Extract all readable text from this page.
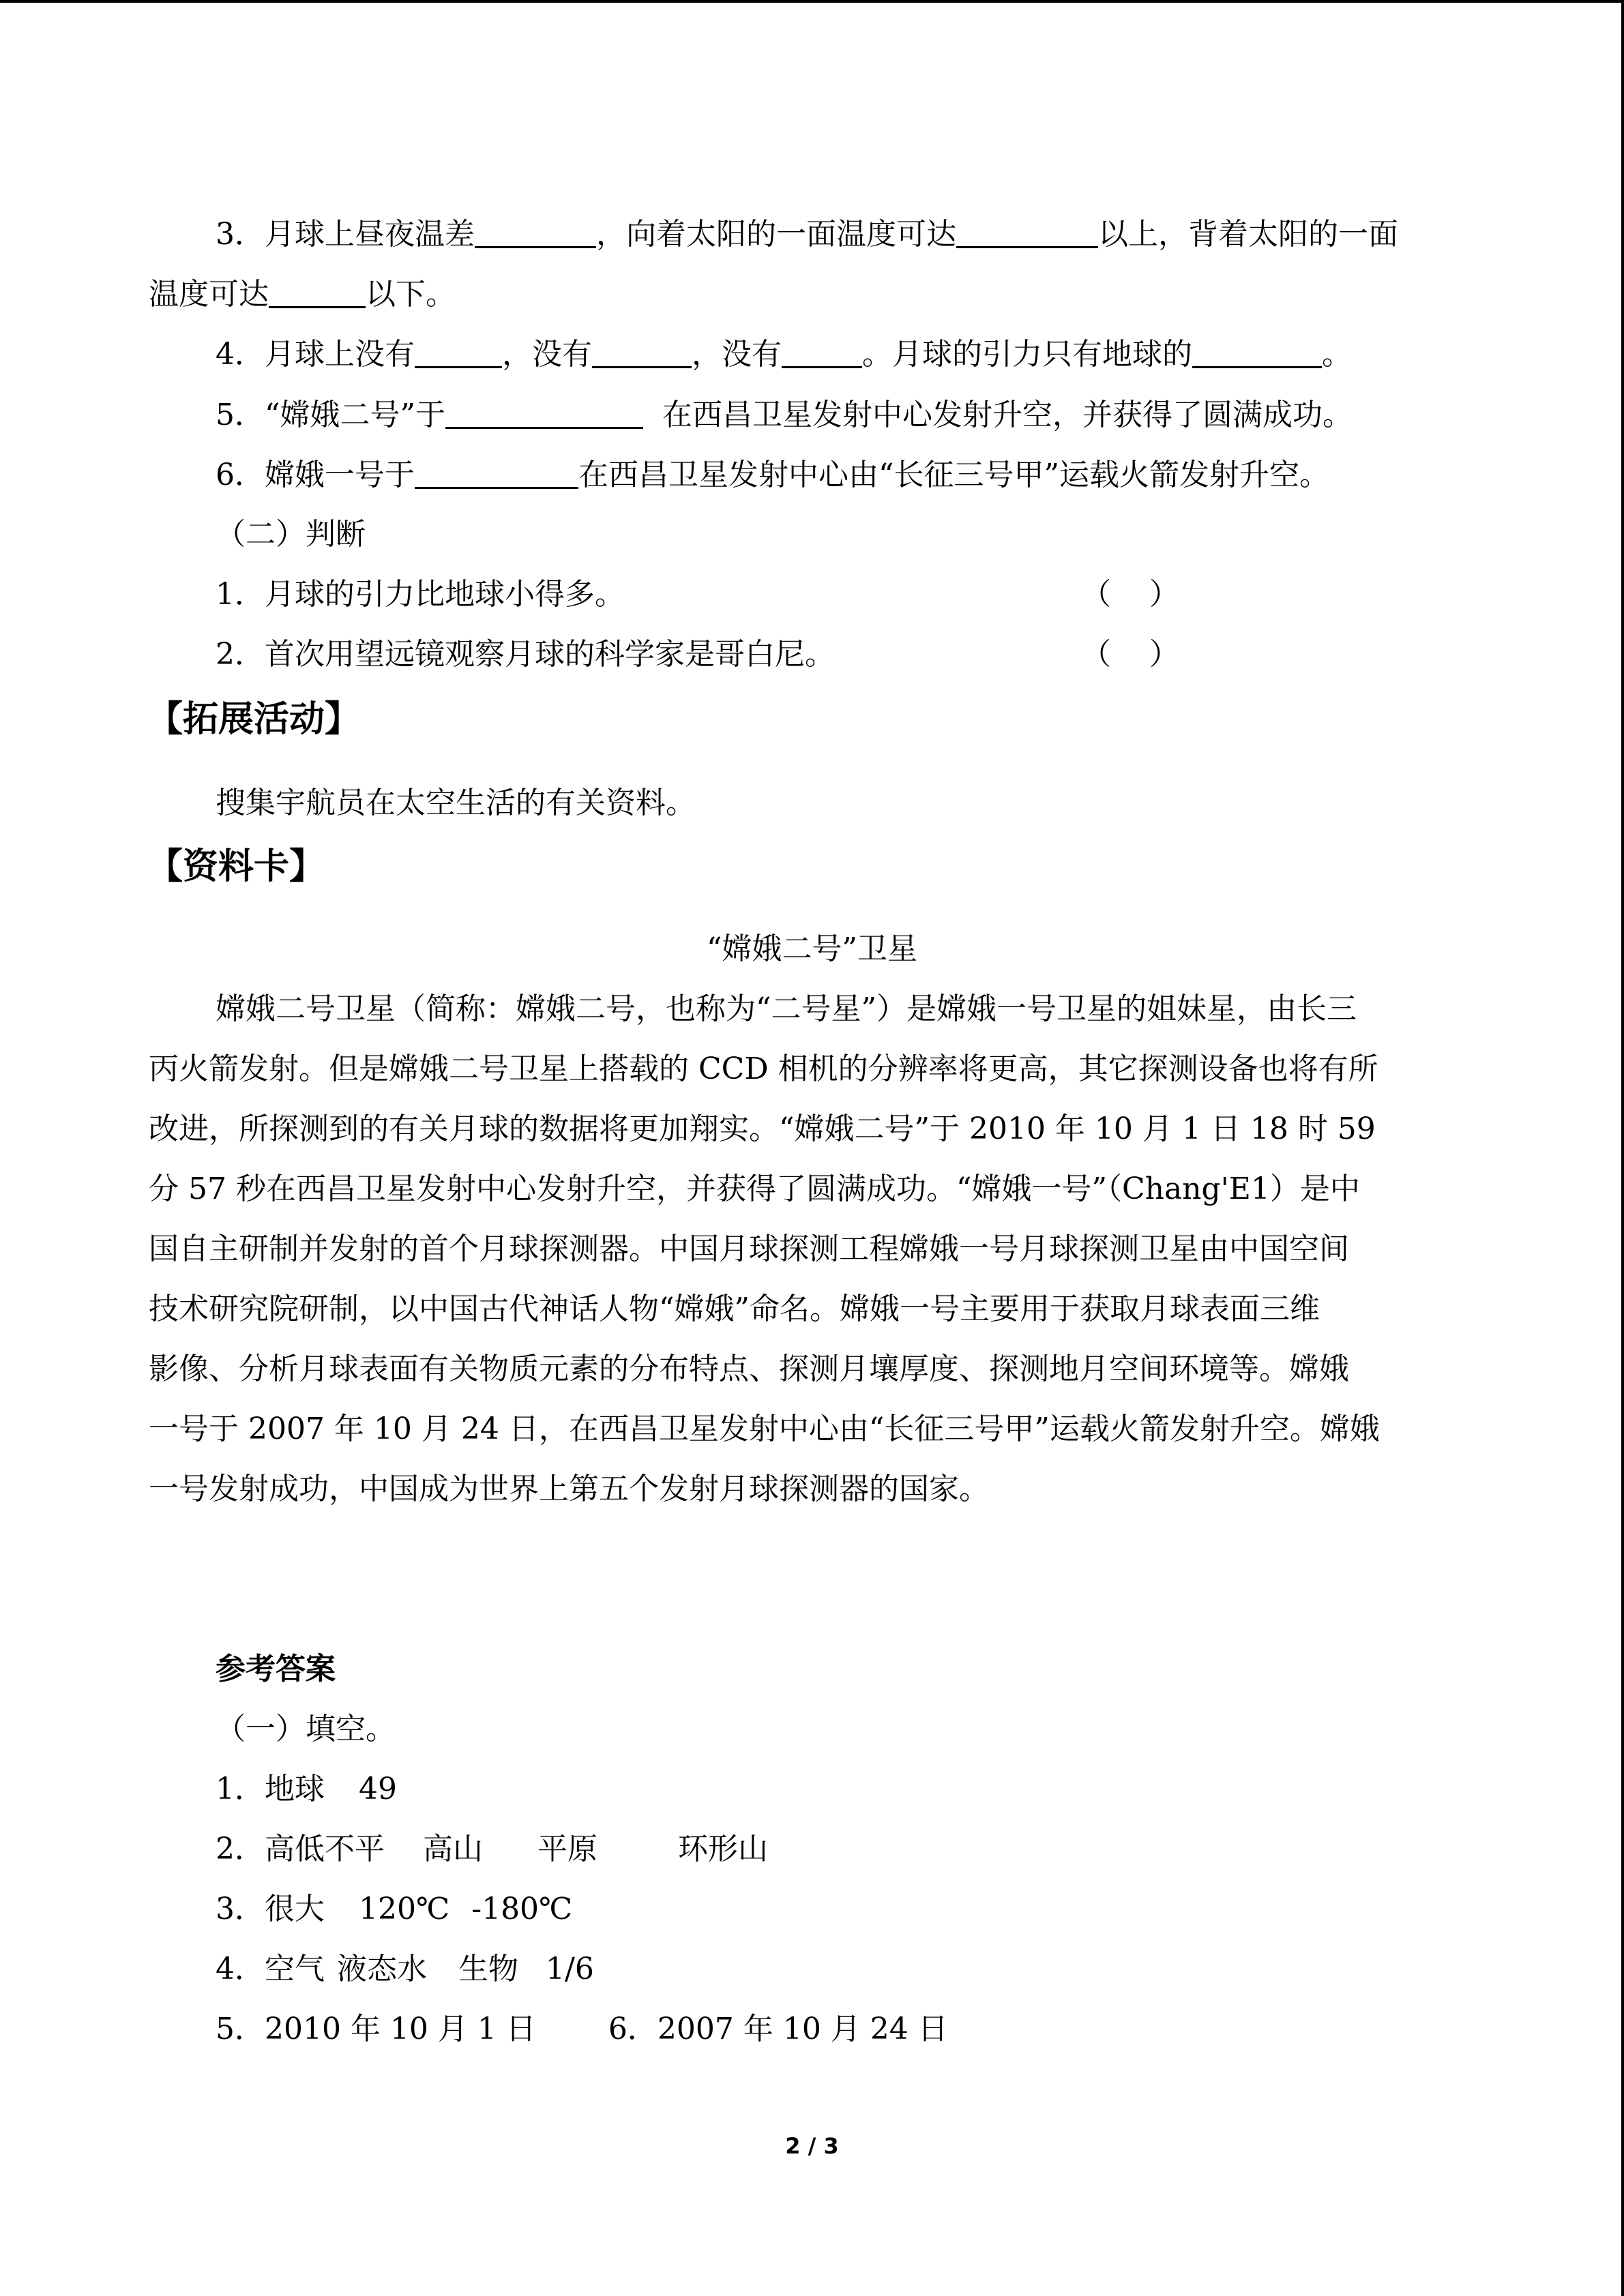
3．月球上昼夜温差	，向着太阳的一面温度可达	以上，背着太阳的一面
温度可达	以下。
4．月球上没有	，没有	，没有	。月球的引力只有地球的	。
5．“嫦娥二号”于	在西昌卫星发射中心发射升空，并获得了圆满成功。
6．嫦娥一号于	在西昌卫星发射中心由“长征三号甲”运载火箭发射升空。
（二）判断
1．月球的引力比地球小得多。	（ ）
2．首次用望远镜观察月球的科学家是哥白尼。	（ ）
【拓展活动】
搜集宇航员在太空生活的有关资料。
【资料卡】
“嫦娥二号”卫星
嫦娥二号卫星（简称：嫦娥二号，也称为“二号星”）是嫦娥一号卫星的姐妹星，由长三
丙火箭发射。但是嫦娥二号卫星上搭载的 CCD 相机的分辨率将更高，其它探测设备也将有所
改进，所探测到的有关月球的数据将更加翔实。“嫦娥二号”于 2010 年 10 月 1 日 18 时 59
分 57 秒在西昌卫星发射中心发射升空，并获得了圆满成功。“嫦娥一号”（Chang'E1）是中
国自主研制并发射的首个月球探测器。中国月球探测工程嫦娥一号月球探测卫星由中国空间
技术研究院研制，以中国古代神话人物“嫦娥”命名。嫦娥一号主要用于获取月球表面三维
影像、分析月球表面有关物质元素的分布特点、探测月壤厚度、探测地月空间环境等。嫦娥
一号于 2007 年 10 月 24 日，在西昌卫星发射中心由“长征三号甲”运载火箭发射升空。嫦娥
一号发射成功，中国成为世界上第五个发射月球探测器的国家。
参考答案
（一）填空。
1．地球 49
2．高低不平 高山 平原	环形山
3．很大 120℃ -180℃
4．空气 液态水 生物 1/6
5．2010 年 10 月 1 日 6．2007 年 10 月 24 日
2 / 3
